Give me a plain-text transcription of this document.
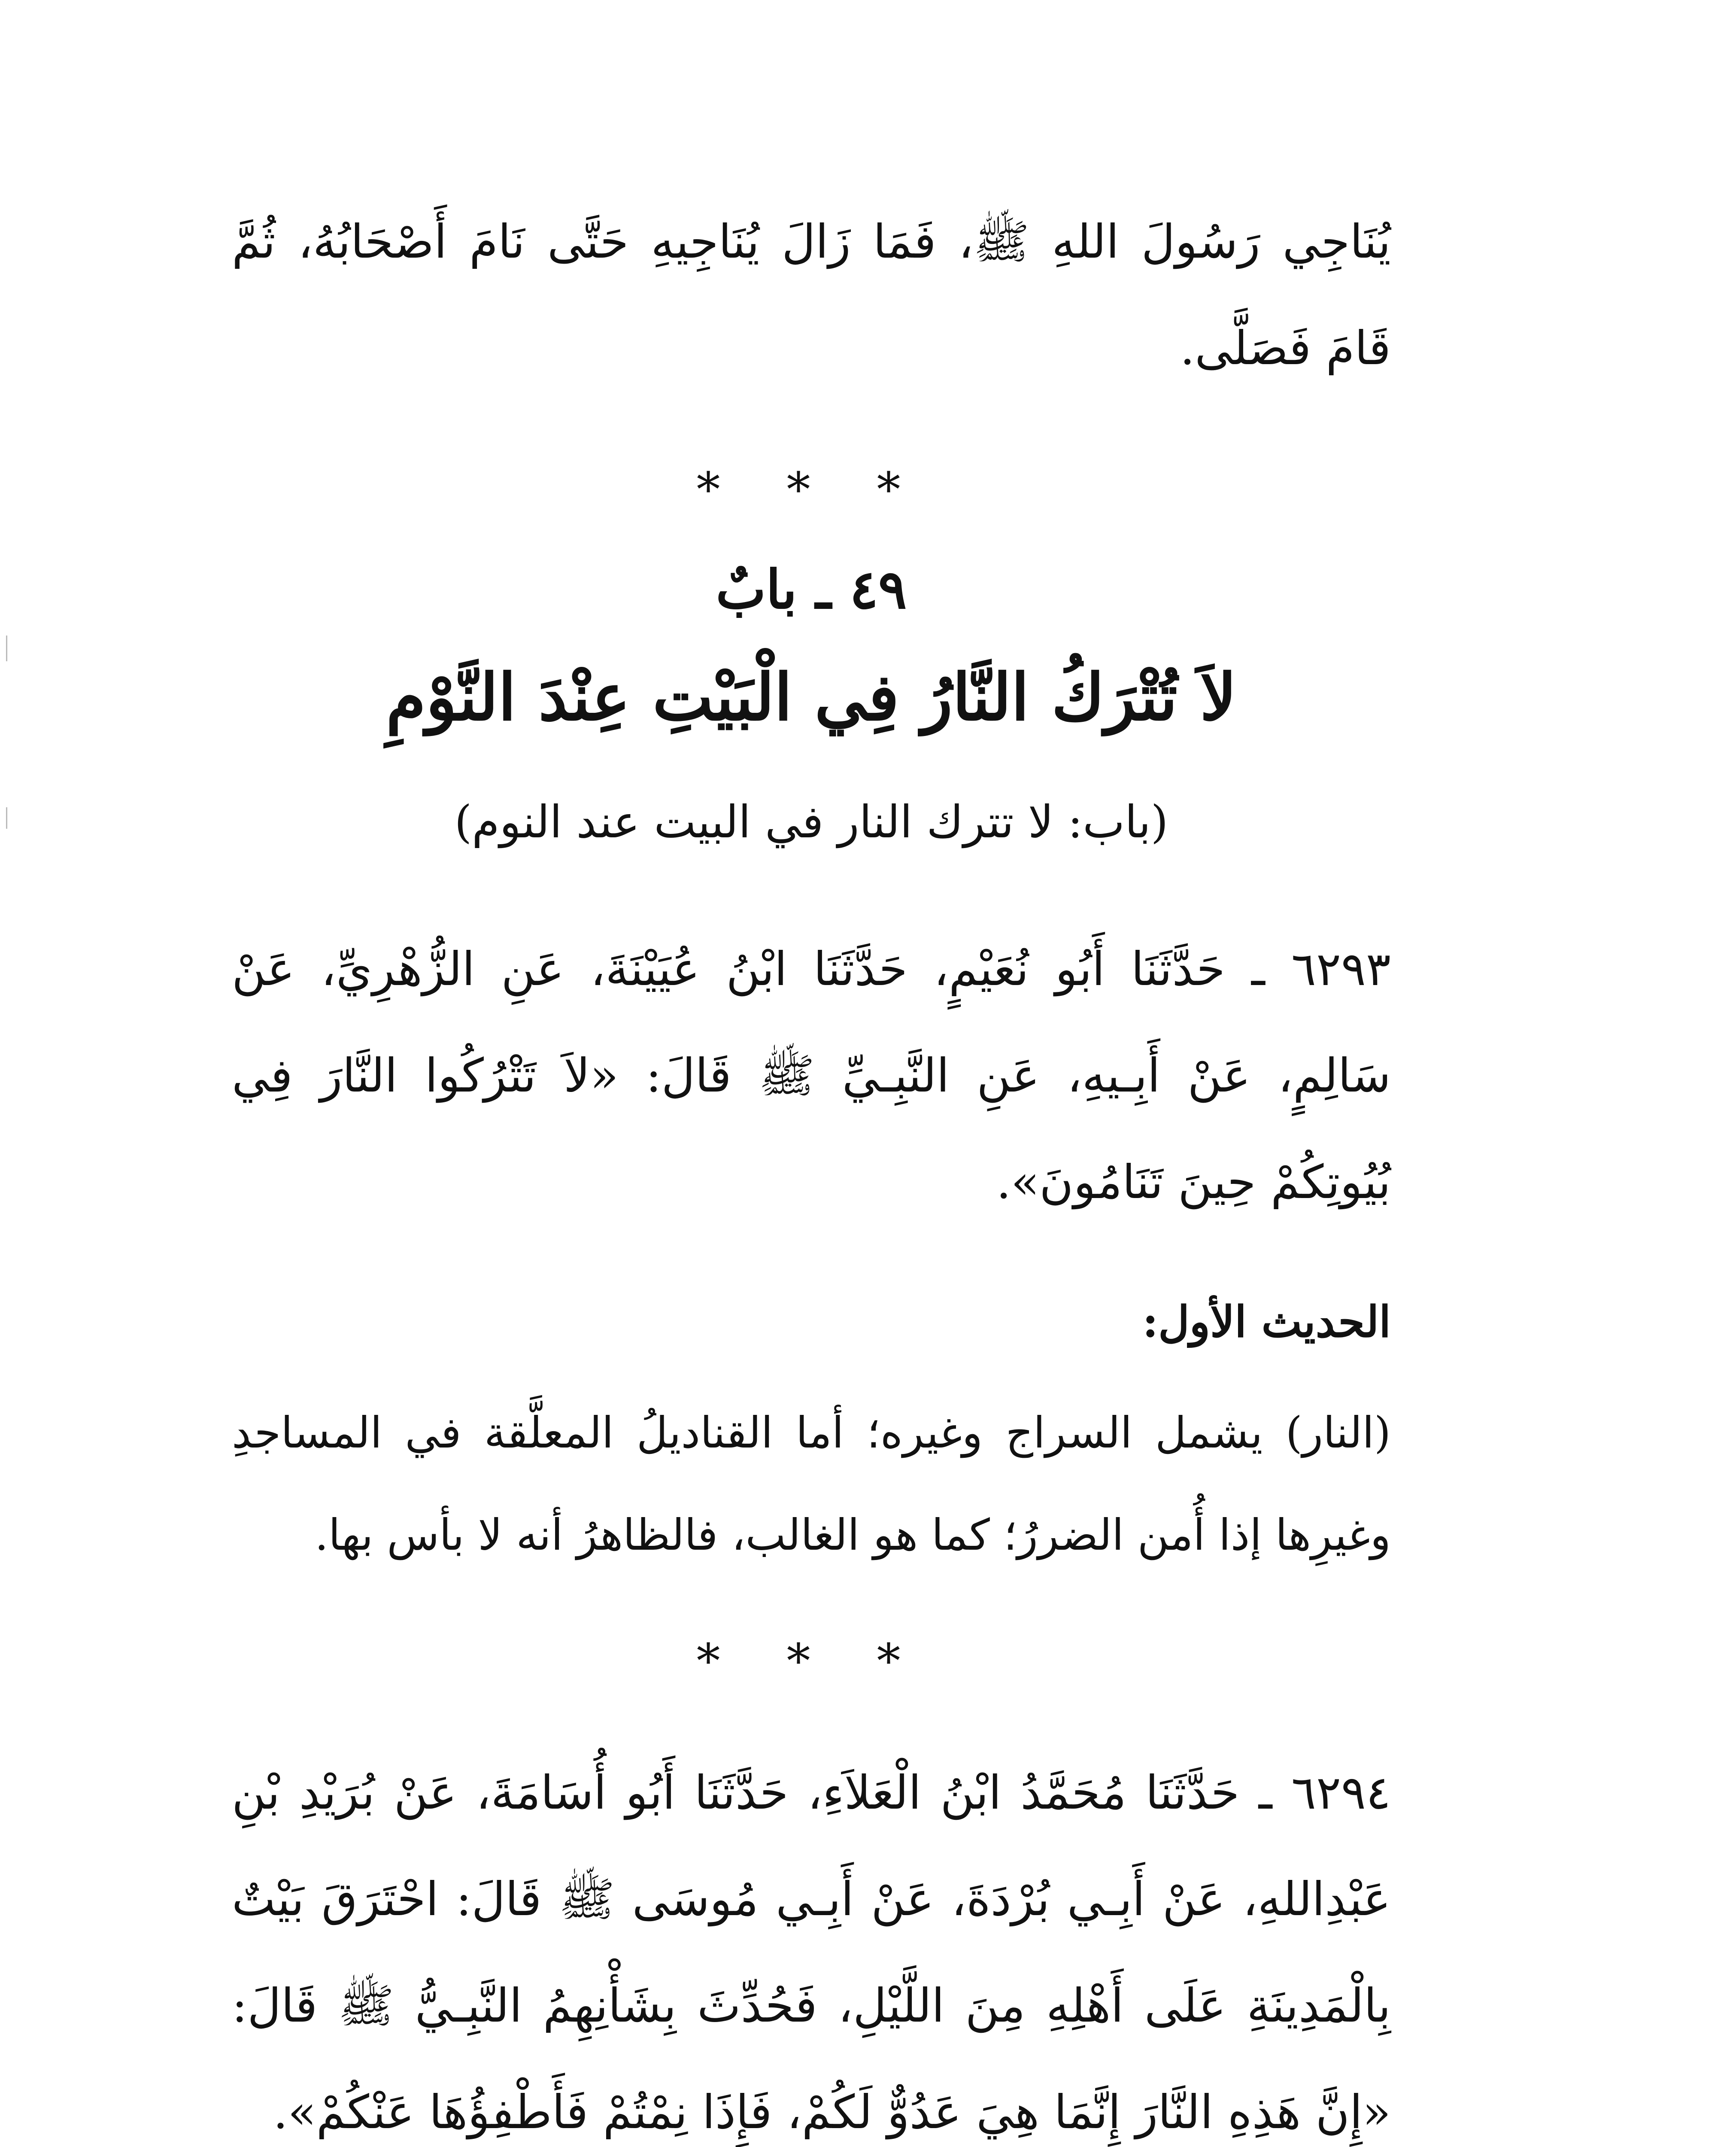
يُنَاجِي رَسُولَ اللهِ ﷺ، فَمَا زَالَ يُنَاجِيهِ حَتَّى نَامَ أَصْحَابُهُ، ثُمَّ قَامَ فَصَلَّى.

* * *

٤٩ ـ بابٌ

لاَ تُتْرَكُ النَّارُ فِي الْبَيْتِ عِنْدَ النَّوْمِ

(باب: لا تترك النار في البيت عند النوم)

٦٢٩٣ ـ حَدَّثَنَا أَبُو نُعَيْمٍ، حَدَّثَنَا ابْنُ عُيَيْنَةَ، عَنِ الزُّهْرِيِّ، عَنْ سَالِمٍ، عَنْ أَبِـيهِ، عَنِ النَّبِـيِّ ﷺ قَالَ: «لاَ تَتْرُكُوا النَّارَ فِي بُيُوتِكُمْ حِينَ تَنَامُونَ».

الحديث الأول:

(النار) يشمل السراج وغيره؛ أما القناديلُ المعلَّقة في المساجدِ وغيرِها إذا أُمن الضررُ؛ كما هو الغالب، فالظاهرُ أنه لا بأس بها.

* * *

٦٢٩٤ ـ حَدَّثَنَا مُحَمَّدُ ابْنُ الْعَلاَءِ، حَدَّثَنَا أَبُو أُسَامَةَ، عَنْ بُرَيْدِ بْنِ عَبْدِاللهِ، عَنْ أَبِـي بُرْدَةَ، عَنْ أَبِـي مُوسَى ﷺ قَالَ: احْتَرَقَ بَيْتٌ بِالْمَدِينَةِ عَلَى أَهْلِهِ مِنَ اللَّيْلِ، فَحُدِّثَ بِشَأْنِهِمُ النَّبِـيُّ ﷺ قَالَ: «إِنَّ هَذِهِ النَّارَ إِنَّمَا هِيَ عَدُوٌّ لَكُمْ، فَإِذَا نِمْتُمْ فَأَطْفِؤُهَا عَنْكُمْ».
